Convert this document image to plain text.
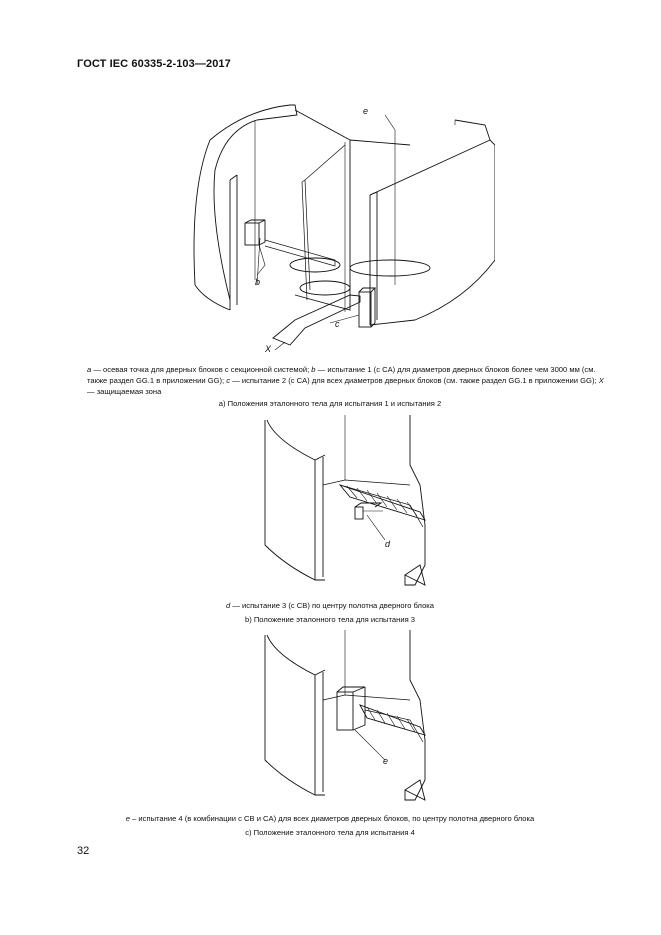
ГОСТ IEC 60335-2-103—2017
e
b
c
X
a — осевая точка для дверных блоков с секционной системой; b — испытание 1 (с CA) для диаметров дверных блоков более чем 3000 мм (см. также раздел GG.1 в приложении GG); c — испытание 2 (с CA) для всех диаметров дверных блоков (см. также раздел GG.1 в приложении GG); X — защищаемая зона
а) Положения эталонного тела для испытания 1 и испытания 2
d
d — испытание 3 (с CB) по центру полотна дверного блока
b) Положение эталонного тела для испытания 3
e
e – испытание 4 (в комбинации с CB и CA) для всех диаметров дверных блоков, по центру полотна дверного блока
c) Положение эталонного тела для испытания 4
32
